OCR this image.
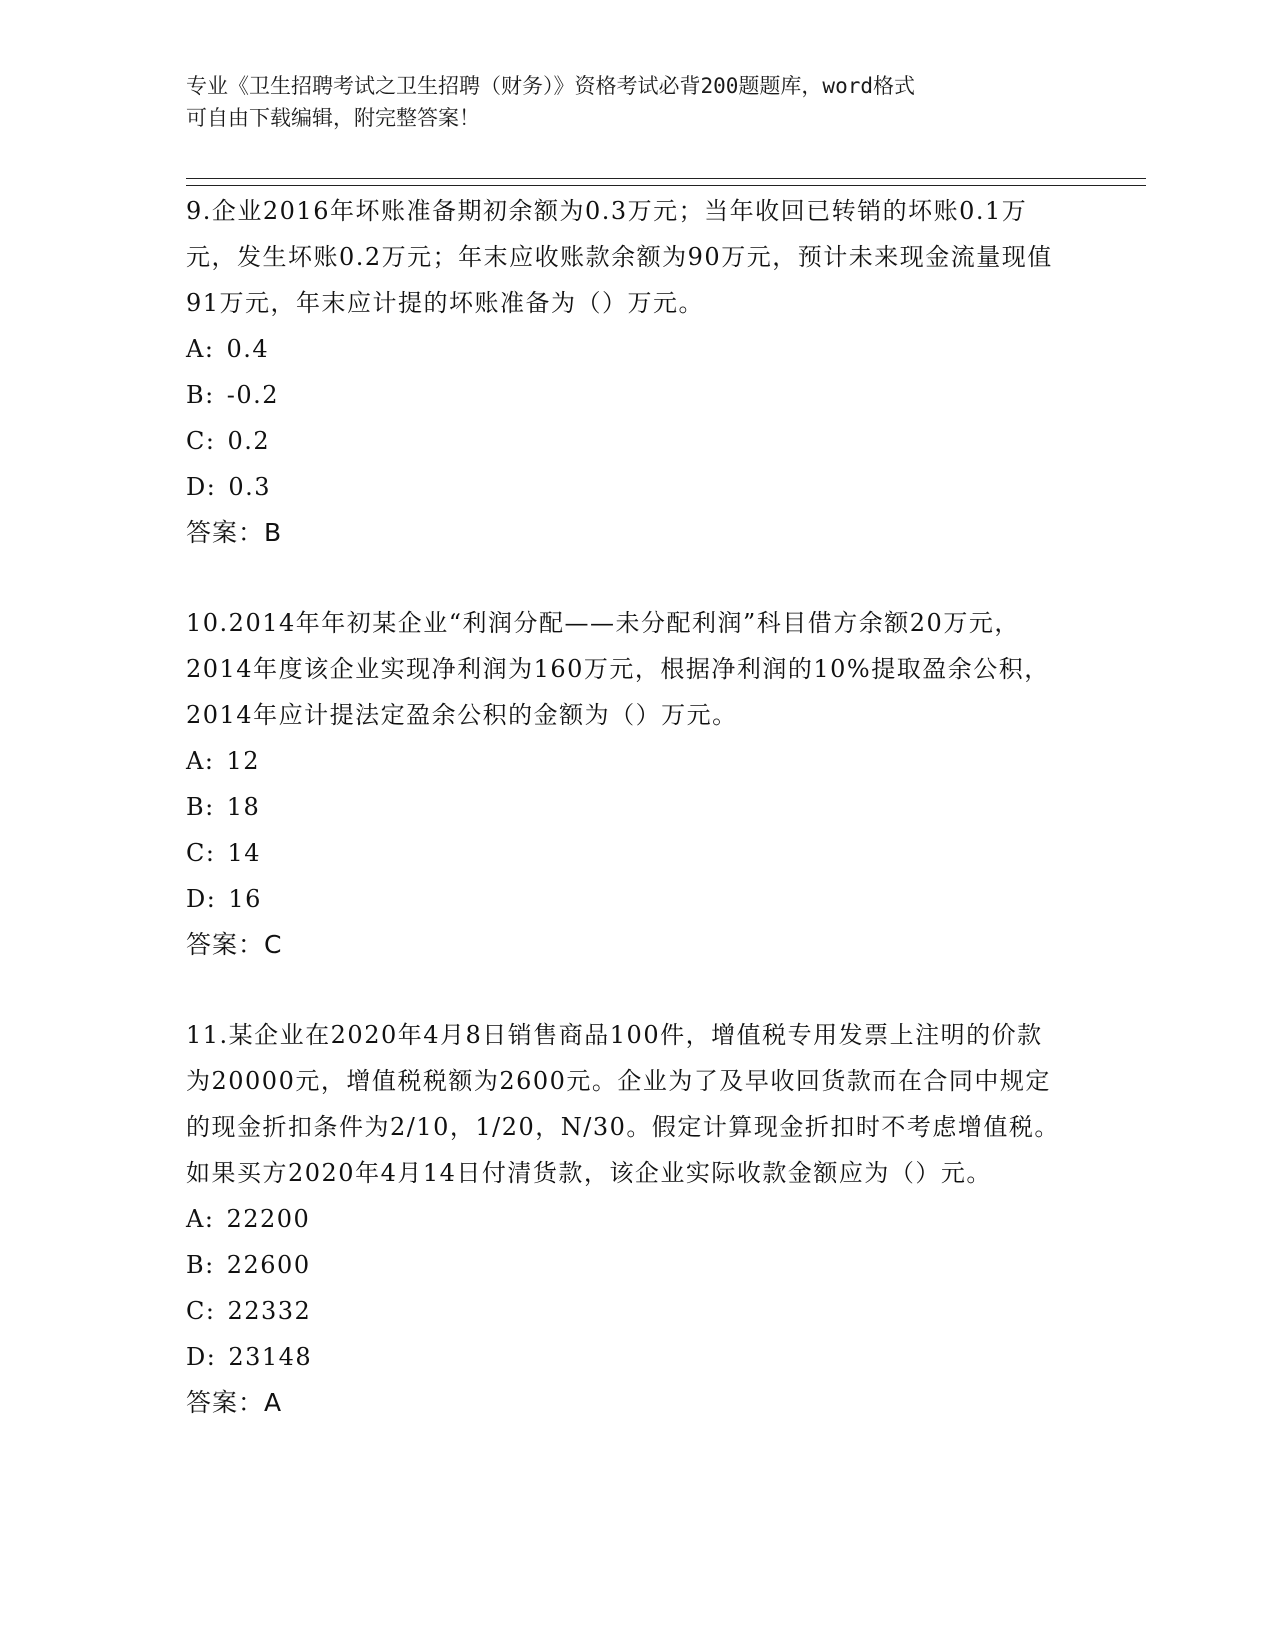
专业《卫生招聘考试之卫生招聘（财务）》资格考试必背200题题库，word格式
可自由下载编辑，附完整答案！

9.企业2016年坏账准备期初余额为0.3万元；当年收回已转销的坏账0.1万元，发生坏账0.2万元；年末应收账款余额为90万元，预计未来现金流量现值91万元，年末应计提的坏账准备为（）万元。

A: 0.4
B: -0.2
C: 0.2
D: 0.3
答案：B

10.2014年年初某企业“利润分配——未分配利润”科目借方余额20万元，2014年度该企业实现净利润为160万元，根据净利润的10%提取盈余公积，2014年应计提法定盈余公积的金额为（）万元。

A: 12
B: 18
C: 14
D: 16
答案：C

11.某企业在2020年4月8日销售商品100件，增值税专用发票上注明的价款为20000元，增值税税额为2600元。企业为了及早收回货款而在合同中规定的现金折扣条件为2/10，1/20，N/30。假定计算现金折扣时不考虑增值税。如果买方2020年4月14日付清货款，该企业实际收款金额应为（）元。

A: 22200
B: 22600
C: 22332
D: 23148
答案：A
